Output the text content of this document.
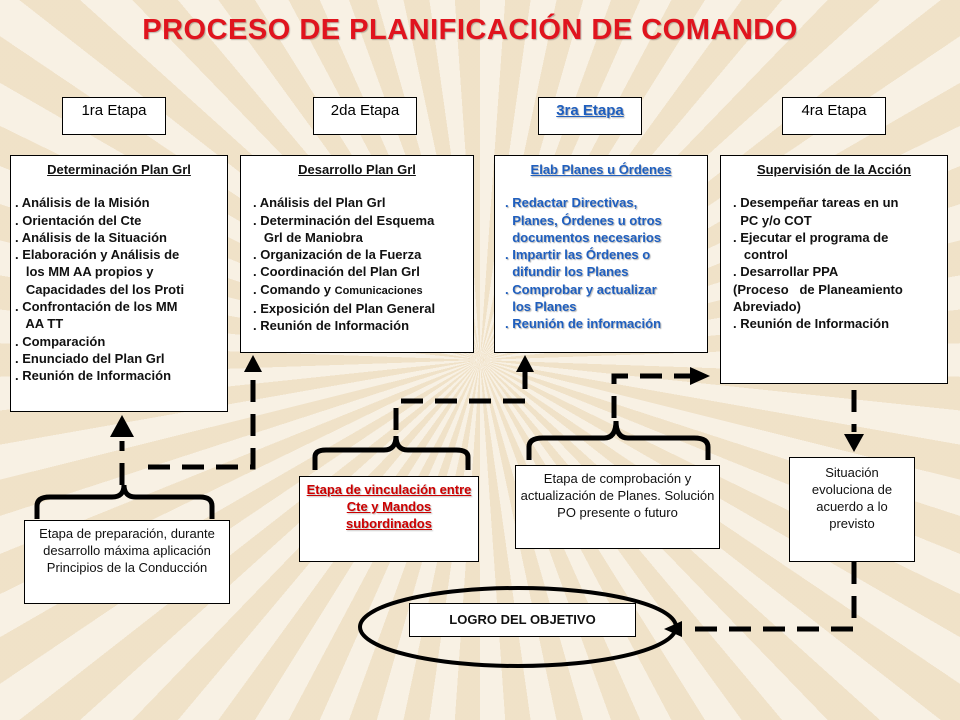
PROCESO DE PLANIFICACIÓN DE COMANDO
1ra Etapa	2da Etapa	3ra Etapa	4ra Etapa
Determinación Plan Grl
. Análisis de la Misión
. Orientación del Cte
. Análisis de la Situación
. Elaboración y Análisis de
los MM AA propios y
Capacidades del los Proti
. Confrontación de los MM
AA TT
. Comparación
. Enunciado del Plan Grl
. Reunión de Información
Desarrollo Plan Grl
. Análisis del Plan Grl
. Determinación del Esquema
Grl de Maniobra
. Organización de la Fuerza
. Coordinación del Plan Grl
. Comando y Comunicaciones
. Exposición del Plan General
. Reunión de Información
Elab Planes u Órdenes
. Redactar Directivas,
Planes, Órdenes u otros
documentos necesarios
. Impartir las Órdenes o
difundir los Planes
. Comprobar y actualizar
los Planes
. Reunión de información
Supervisión de la Acción
. Desempeñar tareas en un
PC y/o COT
. Ejecutar el programa de
control
. Desarrollar PPA
(Proceso   de Planeamiento
Abreviado)
. Reunión de Información
Etapa de preparación, durante desarrollo máxima aplicación Principios de la Conducción
Etapa de vinculación entre Cte y Mandos subordinados
Etapa de comprobación y actualización de Planes. Solución PO presente o futuro
Situación evoluciona de acuerdo a lo previsto
LOGRO DEL OBJETIVO
